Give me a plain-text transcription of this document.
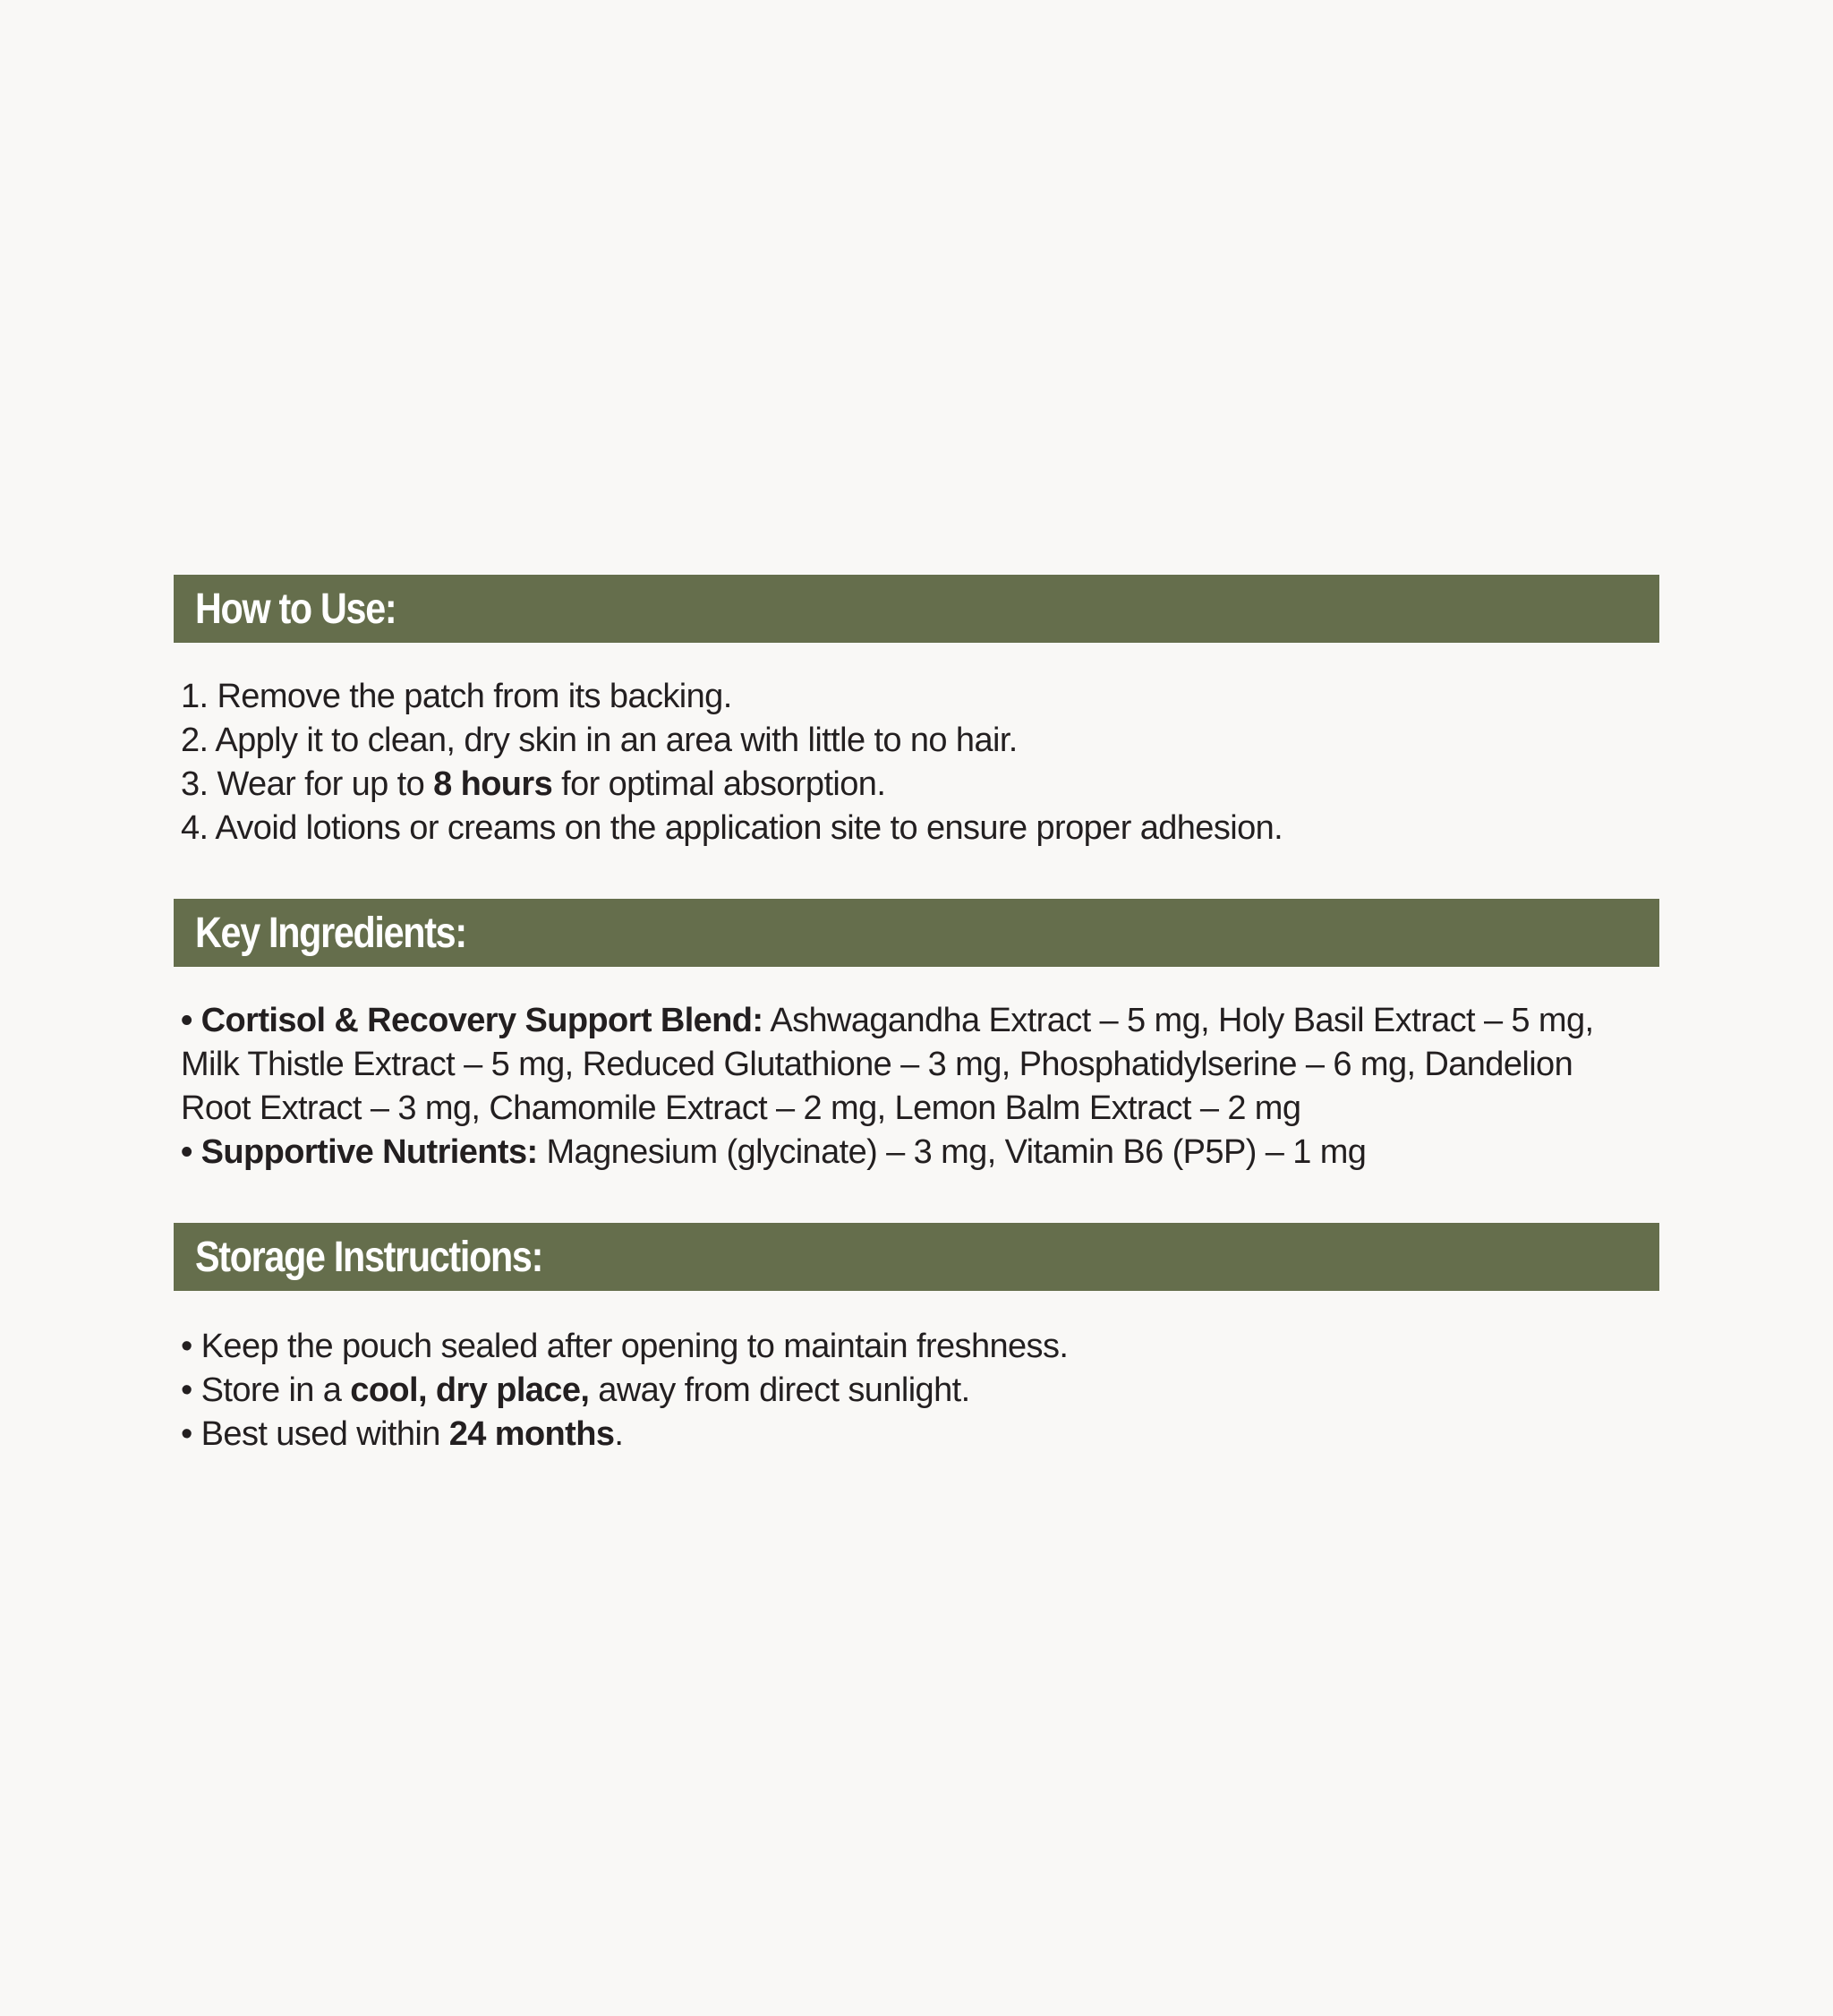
How to Use:
1. Remove the patch from its backing.
2. Apply it to clean, dry skin in an area with little to no hair.
3. Wear for up to 8 hours for optimal absorption.
4. Avoid lotions or creams on the application site to ensure proper adhesion.
Key Ingredients:
• Cortisol & Recovery Support Blend: Ashwagandha Extract – 5 mg, Holy Basil Extract – 5 mg, Milk Thistle Extract – 5 mg, Reduced Glutathione – 3 mg, Phosphatidylserine – 6 mg, Dandelion Root Extract – 3 mg, Chamomile Extract – 2 mg, Lemon Balm Extract – 2 mg
• Supportive Nutrients: Magnesium (glycinate) – 3 mg, Vitamin B6 (P5P) – 1 mg
Storage Instructions:
• Keep the pouch sealed after opening to maintain freshness.
• Store in a cool, dry place, away from direct sunlight.
• Best used within 24 months.
